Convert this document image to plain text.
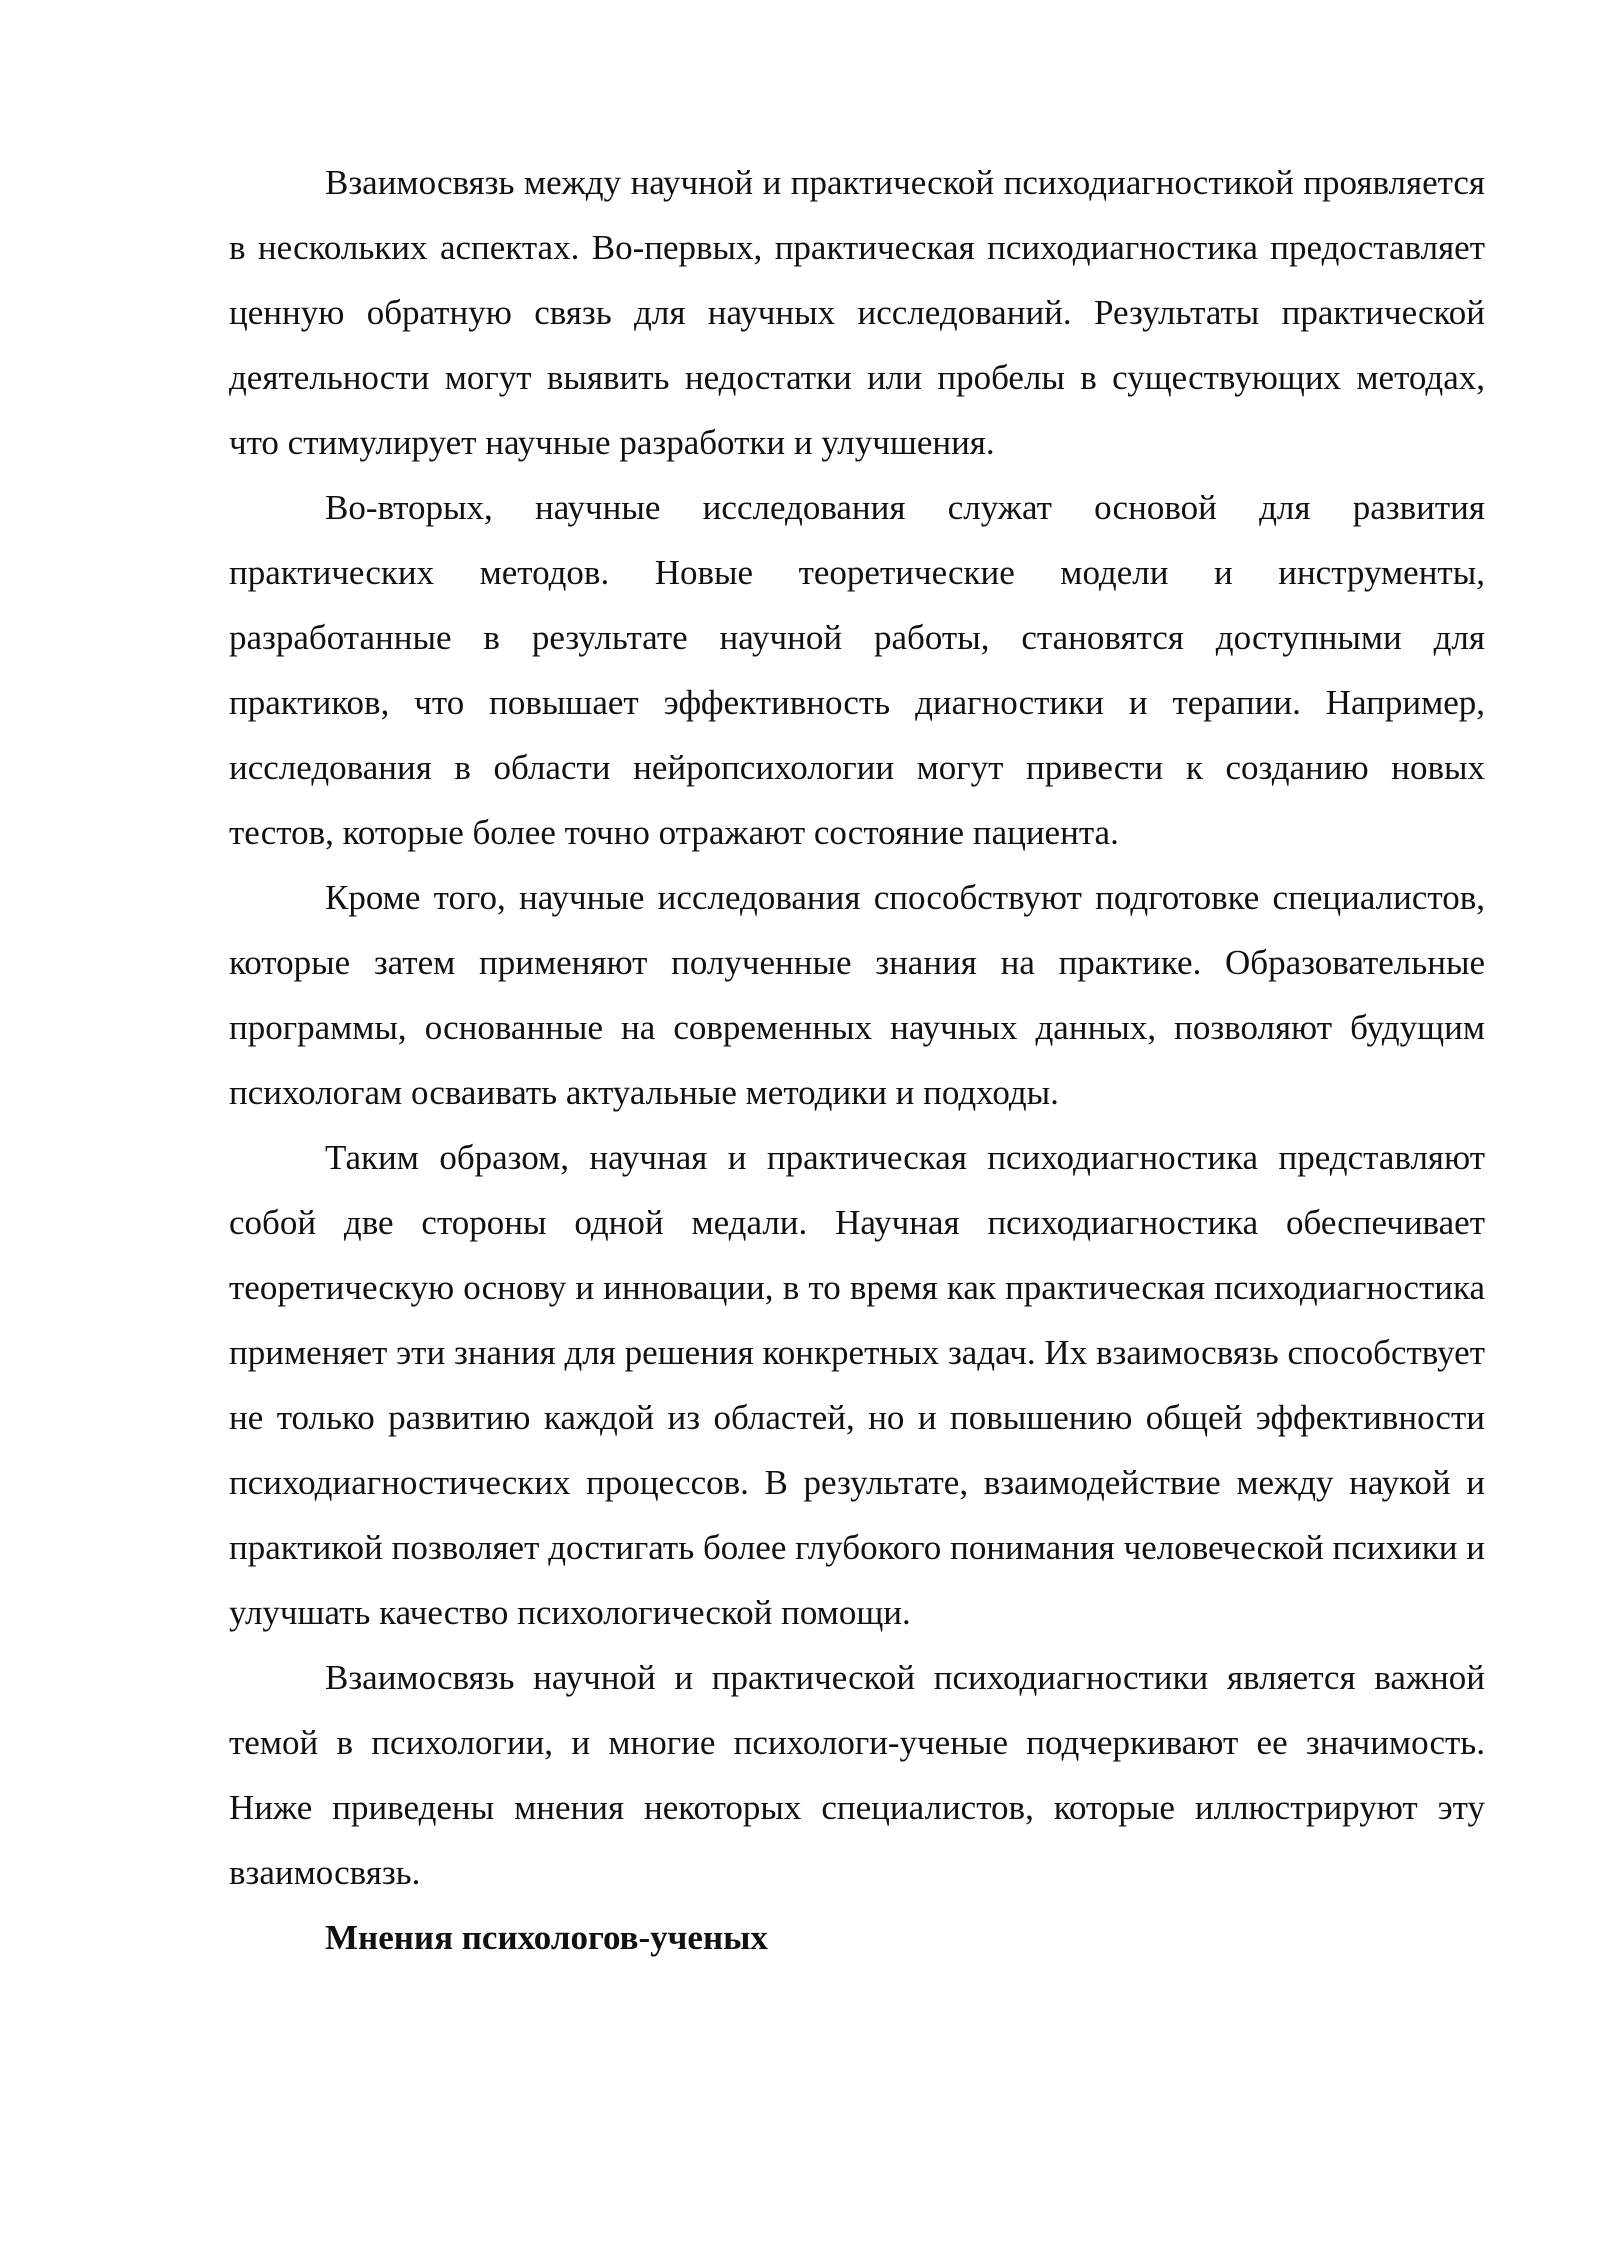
Взаимосвязь между научной и практической психодиагностикой проявляется в нескольких аспектах. Во-первых, практическая психодиагностика предоставляет ценную обратную связь для научных исследований. Результаты практической деятельности могут выявить недостатки или пробелы в существующих методах, что стимулирует научные разработки и улучшения.

Во-вторых, научные исследования служат основой для развития практических методов. Новые теоретические модели и инструменты, разработанные в результате научной работы, становятся доступными для практиков, что повышает эффективность диагностики и терапии. Например, исследования в области нейропсихологии могут привести к созданию новых тестов, которые более точно отражают состояние пациента.

Кроме того, научные исследования способствуют подготовке специалистов, которые затем применяют полученные знания на практике. Образовательные программы, основанные на современных научных данных, позволяют будущим психологам осваивать актуальные методики и подходы.

Таким образом, научная и практическая психодиагностика представляют собой две стороны одной медали. Научная психодиагностика обеспечивает теоретическую основу и инновации, в то время как практическая психодиагностика применяет эти знания для решения конкретных задач. Их взаимосвязь способствует не только развитию каждой из областей, но и повышению общей эффективности психодиагностических процессов. В результате, взаимодействие между наукой и практикой позволяет достигать более глубокого понимания человеческой психики и улучшать качество психологической помощи.

Взаимосвязь научной и практической психодиагностики является важной темой в психологии, и многие психологи-ученые подчеркивают ее значимость. Ниже приведены мнения некоторых специалистов, которые иллюстрируют эту взаимосвязь.

Мнения психологов-ученых
